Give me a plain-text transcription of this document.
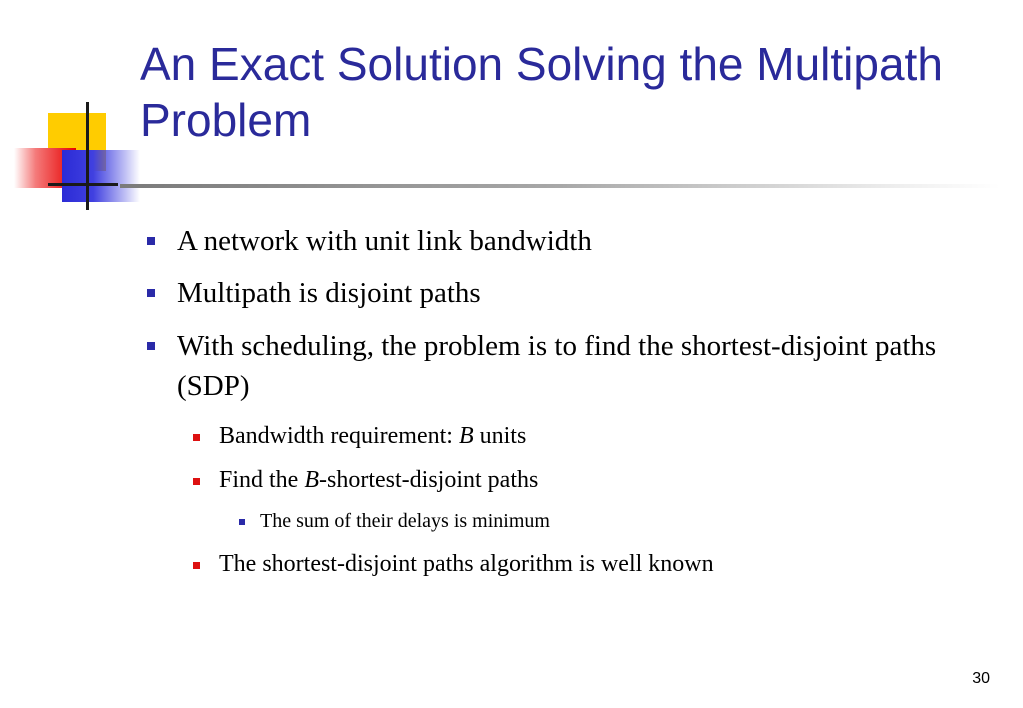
An Exact Solution Solving the Multipath Problem
A network with unit link bandwidth
Multipath is disjoint paths
With scheduling, the problem is to find the shortest-disjoint paths (SDP)
Bandwidth requirement: B units
Find the B-shortest-disjoint paths
The sum of their delays is minimum
The shortest-disjoint paths algorithm is well known
30
